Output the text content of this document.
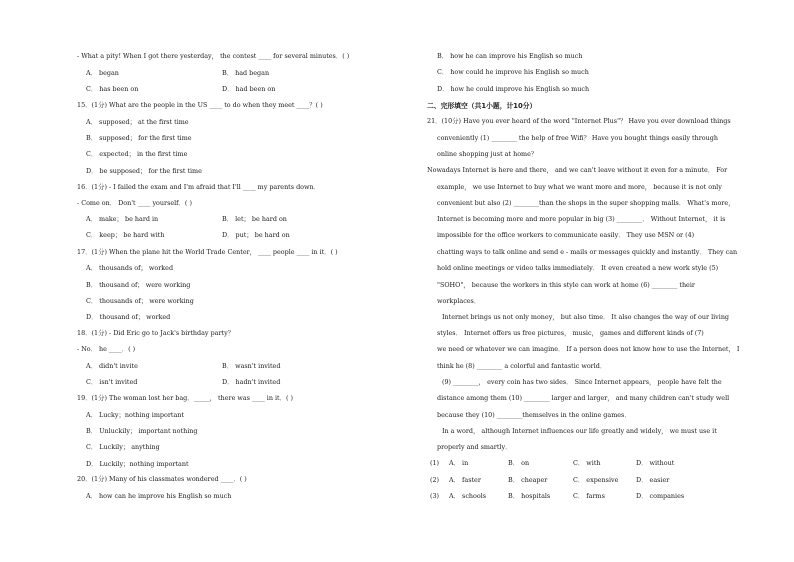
- What a pity! When I got there yesterday， the contest ____ for several minutes．( )
15．(1分) What are the people in the US ____ to do when they meet ____？( )
16．(1分) - I failed the exam and I'm afraid that I'll ____ my parents down．
- Come on． Don't ____ yourself．( )
17．(1分) When the plane hit the World Trade Center， ____ people ____ in it．( )
18．(1分) - Did Eric go to Jack's birthday party？
- No． he ____．( )
19．(1分) The woman lost her bag．_____， there was ____ in it．( )
20．(1分) Many of his classmates wondered ____．( )
A． began	B． had began
C． has been on	D． had been on
A． supposed； at the first time
B． supposed； for the first time
C． expected； in the first time
D． be supposed； for the first time
A． make； be hard in	B． let； be hard on
C． keep； be hard with	D． put； be hard on
A． thousands of； worked
B． thousand of； were working
C． thousands of； were working
D． thousand of； worked
A． didn't invite	B． wasn't invited
C． isn't invited	D． hadn't invited
A． Lucky；nothing important
B． Unluckily； important nothing
C． Luckily； anything
D． Luckily；nothing important
A． how can he improve his English so much
B． how he can improve his English so much
C． how could he improve his English so much
D． how he could improve his English so much
二、完形填空（共1小题，计10分）
21．(10分) Have you ever heard of the word "Internet Plus"？ Have you ever download things
conveniently (1) ________ the help of free Wifi？ Have you bought things easily through
online shopping just at home？
Nowadays Internet is here and there， and we can't leave without it even for a minute． For
example， we use Internet to buy what we want more and more， because it is not only
convenient but also (2) ________than the shops in the super shopping malls． What's more，
Internet is becoming more and more popular in big (3) ________． Without Internet， it is
impossible for the office workers to communicate easily． They use MSN or (4)
chatting ways to talk online and send e - mails or messages quickly and instantly． They can
hold online meetings or video talks immediately． It even created a new work style (5)
"SOHO"， because the workers in this style can work at home (6) ________ their
workplaces．
Internet brings us not only money， but also time． It also changes the way of our living
styles． Internet offers us free pictures， music， games and different kinds of (7)
we need or whatever we can imagine． If a person does not know how to use the Internet， I
think he (8) ________ a colorful and fantastic world．
(9) ________， every coin has two sides． Since Internet appears， people have felt the
distance among them (10) ________ larger and larger， and many children can't study well
because they (10) ________themselves in the online games．
In a word， although Internet influences our life greatly and widely， we must use it
properly and smartly．
(1) A． in	B． on	C． with	D． without
(2) A． faster	B． cheaper	C． expensive	D． easier
(3) A． schools	B． hospitals	C． farms	D． companies
